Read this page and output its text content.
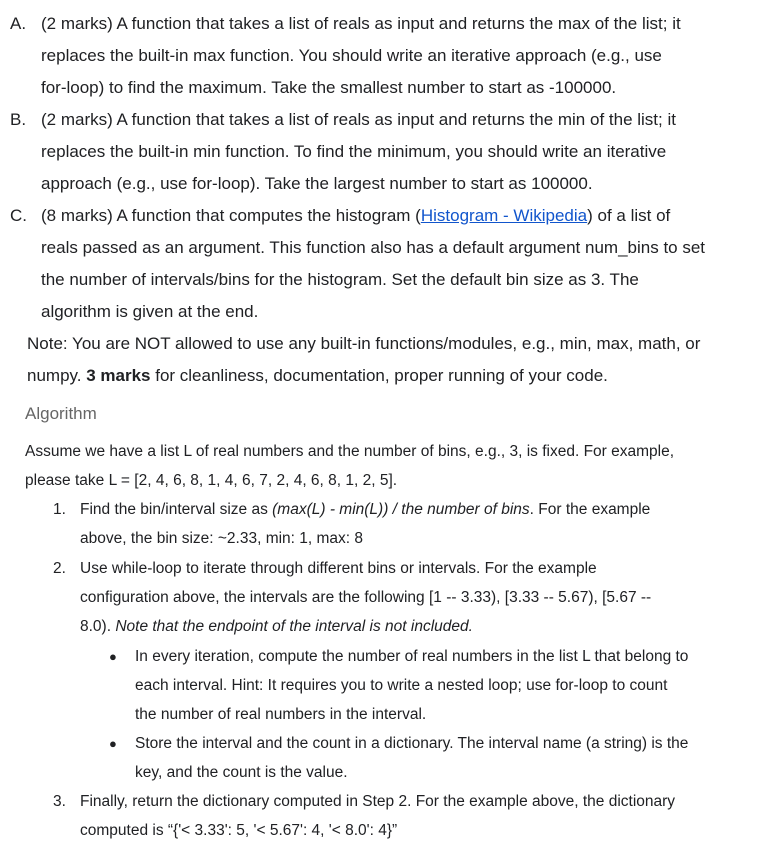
A. (2 marks) A function that takes a list of reals as input and returns the max of the list; it
replaces the built-in max function. You should write an iterative approach (e.g., use
for-loop) to find the maximum. Take the smallest number to start as -100000.
B. (2 marks) A function that takes a list of reals as input and returns the min of the list; it
replaces the built-in min function. To find the minimum, you should write an iterative
approach (e.g., use for-loop). Take the largest number to start as 100000.
C. (8 marks) A function that computes the histogram (Histogram - Wikipedia) of a list of
reals passed as an argument. This function also has a default argument num_bins to set
the number of intervals/bins for the histogram. Set the default bin size as 3. The
algorithm is given at the end.
Note: You are NOT allowed to use any built-in functions/modules, e.g., min, max, math, or
numpy. 3 marks for cleanliness, documentation, proper running of your code.
Algorithm
Assume we have a list L of real numbers and the number of bins, e.g., 3, is fixed. For example,
please take L = [2, 4, 6, 8, 1, 4, 6, 7, 2, 4, 6, 8, 1, 2, 5].
1. Find the bin/interval size as (max(L) - min(L)) / the number of bins. For the example
above, the bin size: ~2.33, min: 1, max: 8
2. Use while-loop to iterate through different bins or intervals. For the example
configuration above, the intervals are the following [1 -- 3.33), [3.33 -- 5.67), [5.67 --
8.0). Note that the endpoint of the interval is not included.
● In every iteration, compute the number of real numbers in the list L that belong to
each interval. Hint: It requires you to write a nested loop; use for-loop to count
the number of real numbers in the interval.
● Store the interval and the count in a dictionary. The interval name (a string) is the
key, and the count is the value.
3. Finally, return the dictionary computed in Step 2. For the example above, the dictionary
computed is “{'< 3.33': 5, '< 5.67': 4, '< 8.0': 4}”
